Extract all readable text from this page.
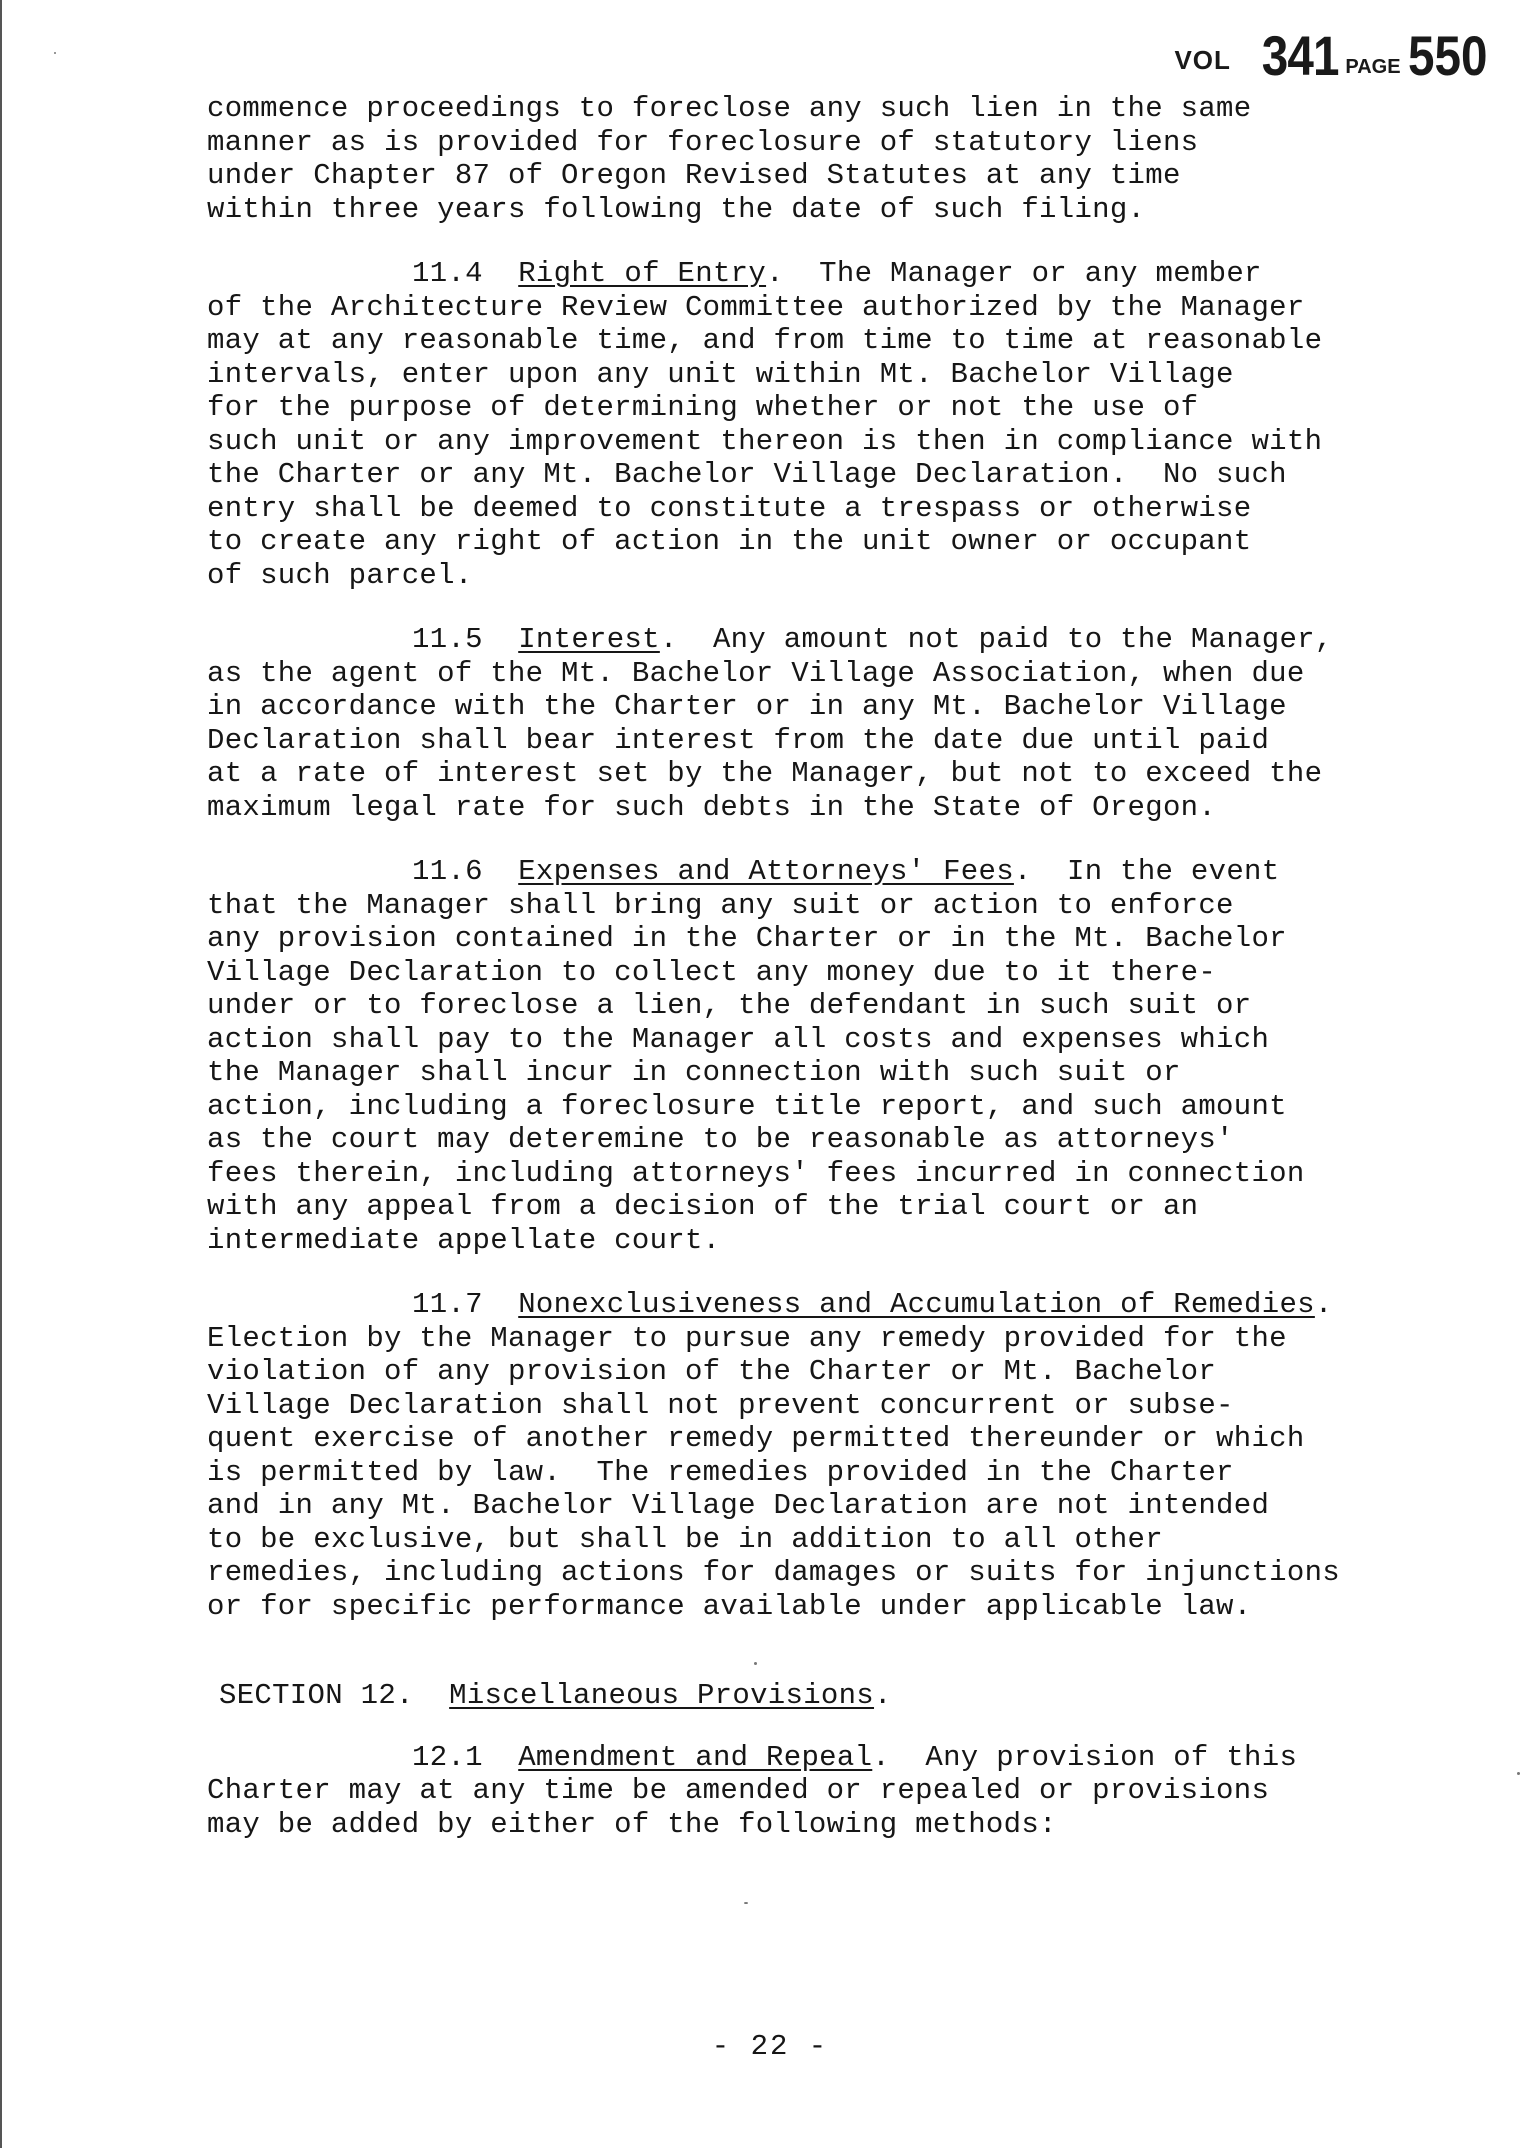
VOL 341 PAGE 550
commence proceedings to foreclose any such lien in the same
manner as is provided for foreclosure of statutory liens
under Chapter 87 of Oregon Revised Statutes at any time
within three years following the date of such filing.
11.4 Right of Entry.  The Manager or any member
of the Architecture Review Committee authorized by the Manager
may at any reasonable time, and from time to time at reasonable
intervals, enter upon any unit within Mt. Bachelor Village
for the purpose of determining whether or not the use of
such unit or any improvement thereon is then in compliance with
the Charter or any Mt. Bachelor Village Declaration.  No such
entry shall be deemed to constitute a trespass or otherwise
to create any right of action in the unit owner or occupant
of such parcel.
11.5 Interest.  Any amount not paid to the Manager,
as the agent of the Mt. Bachelor Village Association, when due
in accordance with the Charter or in any Mt. Bachelor Village
Declaration shall bear interest from the date due until paid
at a rate of interest set by the Manager, but not to exceed the
maximum legal rate for such debts in the State of Oregon.
11.6 Expenses and Attorneys' Fees.  In the event
that the Manager shall bring any suit or action to enforce
any provision contained in the Charter or in the Mt. Bachelor
Village Declaration to collect any money due to it there-
under or to foreclose a lien, the defendant in such suit or
action shall pay to the Manager all costs and expenses which
the Manager shall incur in connection with such suit or
action, including a foreclosure title report, and such amount
as the court may deteremine to be reasonable as attorneys'
fees therein, including attorneys' fees incurred in connection
with any appeal from a decision of the trial court or an
intermediate appellate court.
11.7 Nonexclusiveness and Accumulation of Remedies.
Election by the Manager to pursue any remedy provided for the
violation of any provision of the Charter or Mt. Bachelor
Village Declaration shall not prevent concurrent or subse-
quent exercise of another remedy permitted thereunder or which
is permitted by law.  The remedies provided in the Charter
and in any Mt. Bachelor Village Declaration are not intended
to be exclusive, but shall be in addition to all other
remedies, including actions for damages or suits for injunctions
or for specific performance available under applicable law.
SECTION 12. Miscellaneous Provisions.
12.1 Amendment and Repeal.  Any provision of this
Charter may at any time be amended or repealed or provisions
may be added by either of the following methods:
- 22 -
